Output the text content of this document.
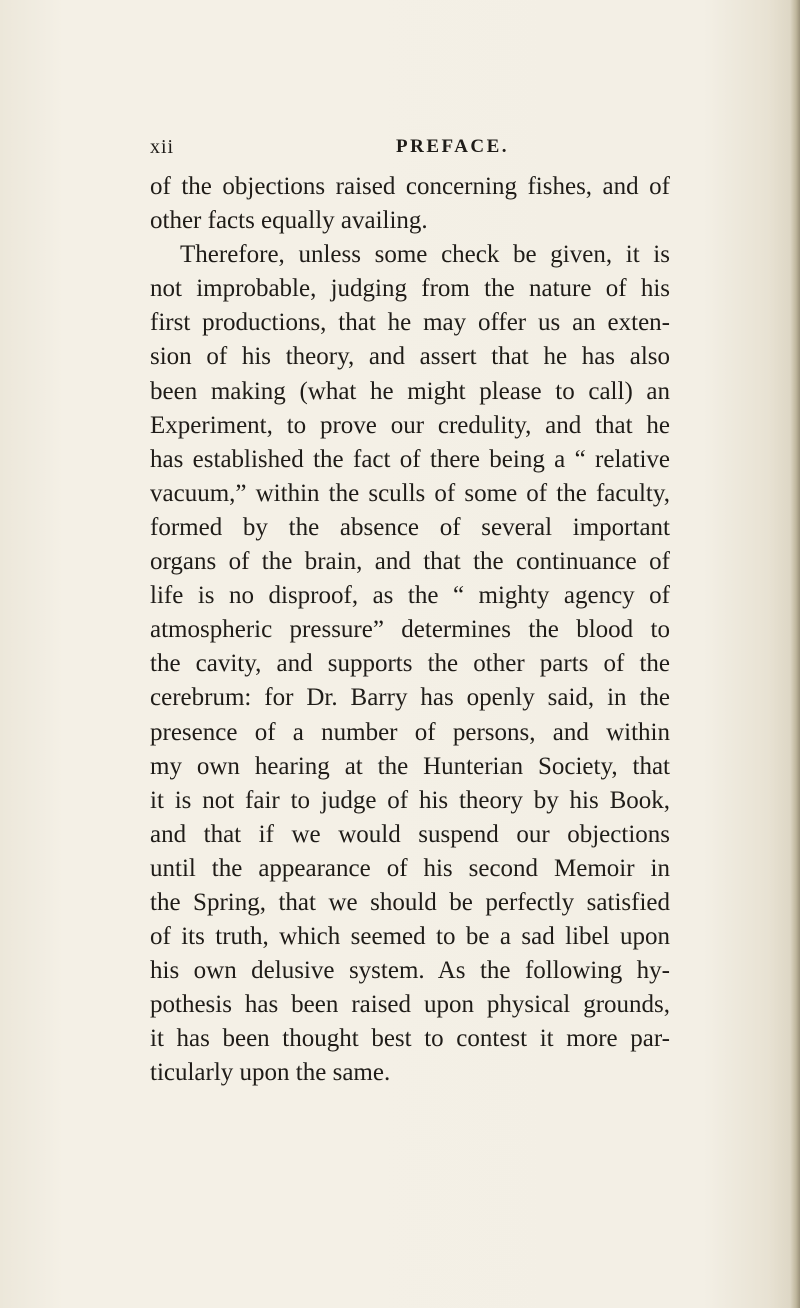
xii	PREFACE.
of the objections raised concerning fishes, and of
other facts equally availing.
Therefore, unless some check be given, it is
not improbable, judging from the nature of his
first productions, that he may offer us an exten-
sion of his theory, and assert that he has also
been making (what he might please to call) an
Experiment, to prove our credulity, and that he
has established the fact of there being a “ relative
vacuum,” within the sculls of some of the faculty,
formed by the absence of several important
organs of the brain, and that the continuance of
life is no disproof, as the “ mighty agency of
atmospheric pressure” determines the blood to
the cavity, and supports the other parts of the
cerebrum: for Dr. Barry has openly said, in the
presence of a number of persons, and within
my own hearing at the Hunterian Society, that
it is not fair to judge of his theory by his Book,
and that if we would suspend our objections
until the appearance of his second Memoir in
the Spring, that we should be perfectly satisfied
of its truth, which seemed to be a sad libel upon
his own delusive system. As the following hy-
pothesis has been raised upon physical grounds,
it has been thought best to contest it more par-
ticularly upon the same.
